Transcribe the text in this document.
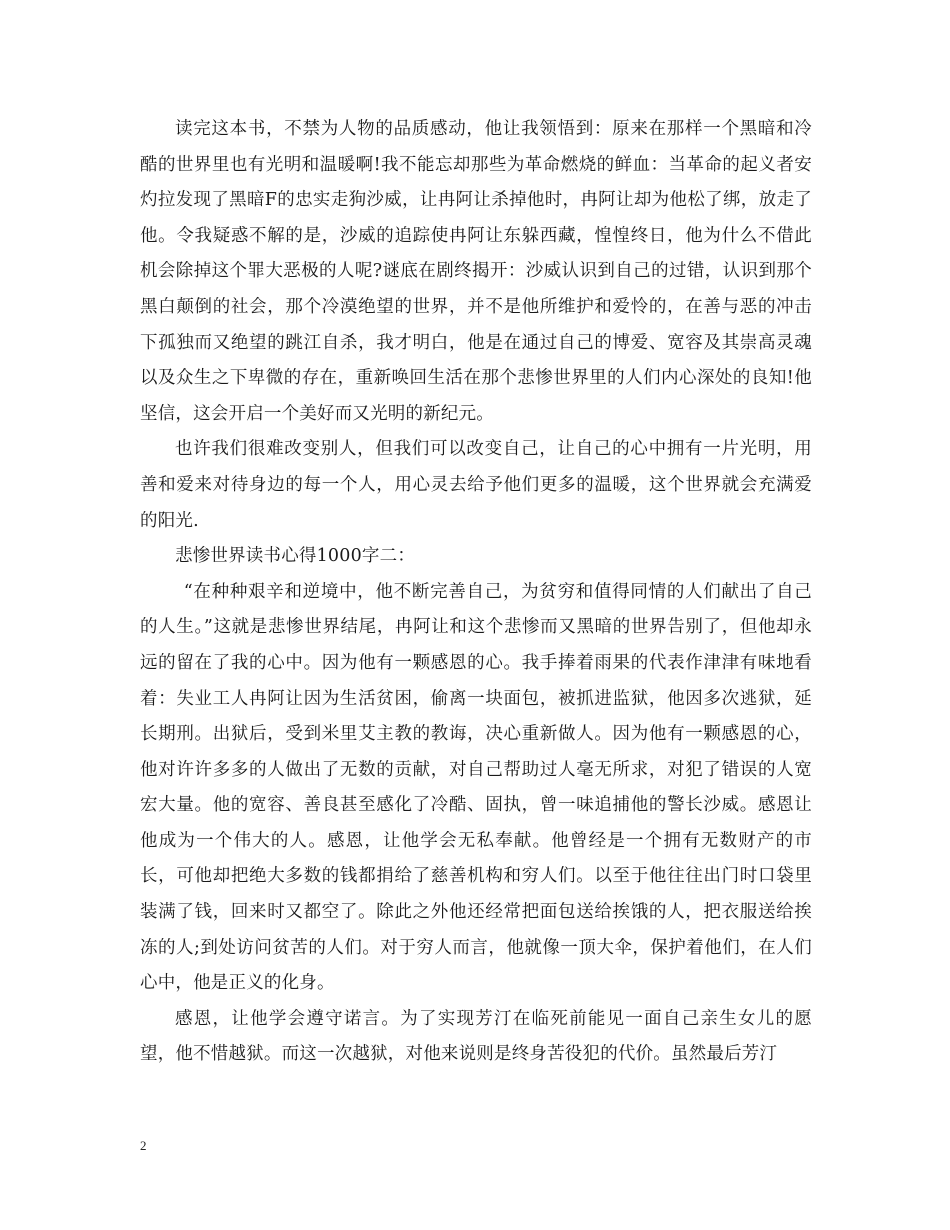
读完这本书，不禁为人物的品质感动，他让我领悟到：原来在那样一个黑暗和冷酷的世界里也有光明和温暖啊!我不能忘却那些为革命燃烧的鲜血：当革命的起义者安灼拉发现了黑暗F的忠实走狗沙威，让冉阿让杀掉他时，冉阿让却为他松了绑，放走了他。令我疑惑不解的是，沙威的追踪使冉阿让东躲西藏，惶惶终日，他为什么不借此机会除掉这个罪大恶极的人呢?谜底在剧终揭开：沙威认识到自己的过错，认识到那个黑白颠倒的社会，那个冷漠绝望的世界，并不是他所维护和爱怜的，在善与恶的冲击下孤独而又绝望的跳江自杀，我才明白，他是在通过自己的博爱、宽容及其崇高灵魂以及众生之下卑微的存在，重新唤回生活在那个悲惨世界里的人们内心深处的良知!他坚信，这会开启一个美好而又光明的新纪元。

也许我们很难改变别人，但我们可以改变自己，让自己的心中拥有一片光明，用善和爱来对待身边的每一个人，用心灵去给予他们更多的温暖，这个世界就会充满爱的阳光.

悲惨世界读书心得1000字二：

“在种种艰辛和逆境中，他不断完善自己，为贫穷和值得同情的人们献出了自己的人生。”这就是悲惨世界结尾，冉阿让和这个悲惨而又黑暗的世界告别了，但他却永远的留在了我的心中。因为他有一颗感恩的心。我手捧着雨果的代表作津津有味地看着：失业工人冉阿让因为生活贫困，偷离一块面包，被抓进监狱，他因多次逃狱，延长期刑。出狱后，受到米里艾主教的教诲，决心重新做人。因为他有一颗感恩的心，他对许许多多的人做出了无数的贡献，对自己帮助过人毫无所求，对犯了错误的人宽宏大量。他的宽容、善良甚至感化了冷酷、固执，曾一味追捕他的警长沙威。感恩让他成为一个伟大的人。感恩，让他学会无私奉献。他曾经是一个拥有无数财产的市长，可他却把绝大多数的钱都捐给了慈善机构和穷人们。以至于他往往出门时口袋里装满了钱，回来时又都空了。除此之外他还经常把面包送给挨饿的人，把衣服送给挨冻的人;到处访问贫苦的人们。对于穷人而言，他就像一顶大伞，保护着他们，在人们心中，他是正义的化身。

感恩，让他学会遵守诺言。为了实现芳汀在临死前能见一面自己亲生女儿的愿望，他不惜越狱。而这一次越狱，对他来说则是终身苦役犯的代价。虽然最后芳汀

2
